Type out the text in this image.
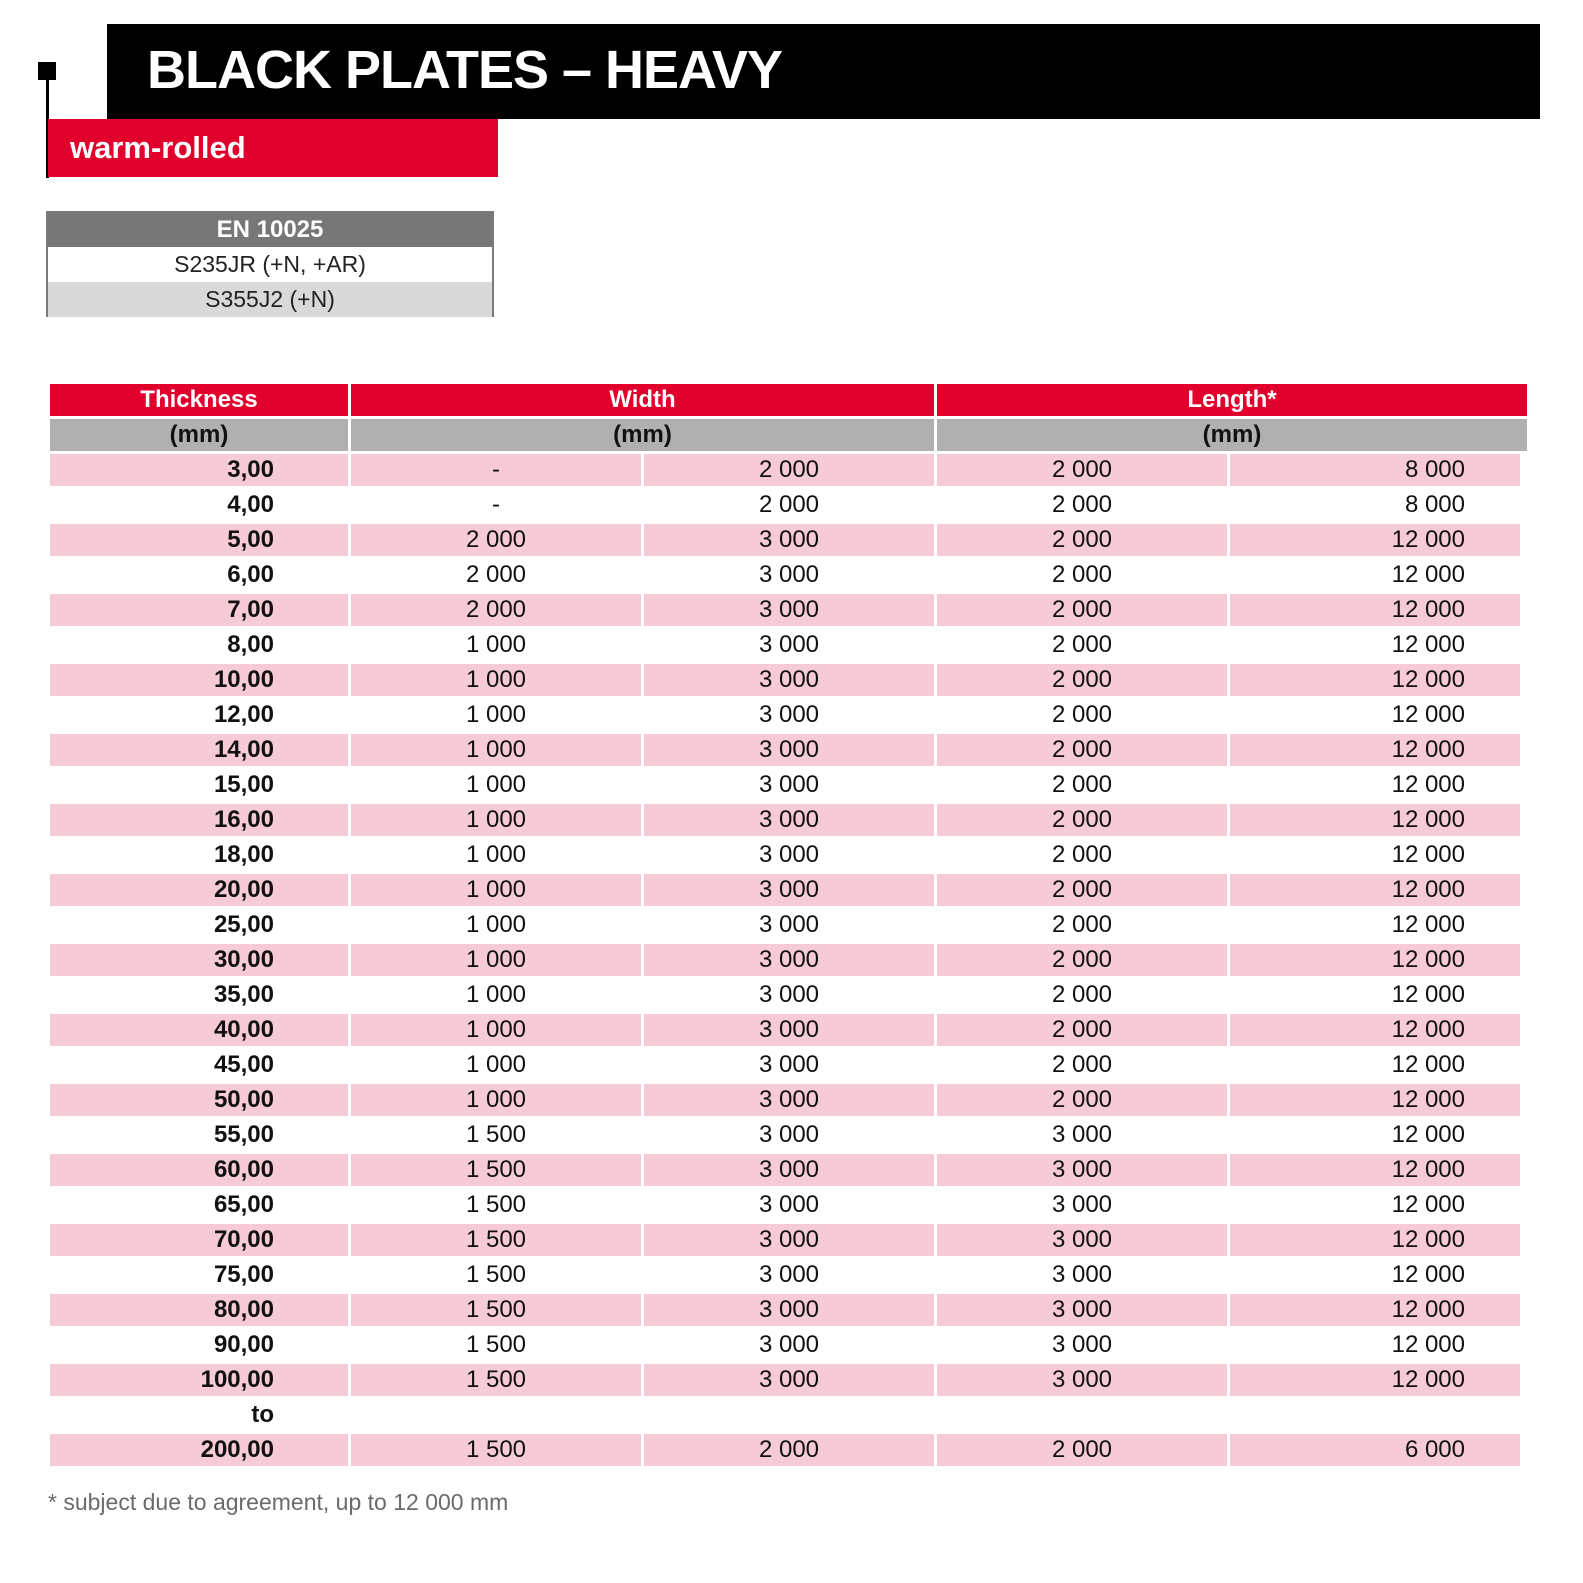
BLACK PLATES – HEAVY
warm-rolled
EN 10025
S235JR (+N, +AR)
S355J2 (+N)
Thickness	Width	Length*
(mm)	(mm)	(mm)
3,00	-	2 000	2 000	8 000
4,00	-	2 000	2 000	8 000
5,00	2 000	3 000	2 000	12 000
6,00	2 000	3 000	2 000	12 000
7,00	2 000	3 000	2 000	12 000
8,00	1 000	3 000	2 000	12 000
10,00	1 000	3 000	2 000	12 000
12,00	1 000	3 000	2 000	12 000
14,00	1 000	3 000	2 000	12 000
15,00	1 000	3 000	2 000	12 000
16,00	1 000	3 000	2 000	12 000
18,00	1 000	3 000	2 000	12 000
20,00	1 000	3 000	2 000	12 000
25,00	1 000	3 000	2 000	12 000
30,00	1 000	3 000	2 000	12 000
35,00	1 000	3 000	2 000	12 000
40,00	1 000	3 000	2 000	12 000
45,00	1 000	3 000	2 000	12 000
50,00	1 000	3 000	2 000	12 000
55,00	1 500	3 000	3 000	12 000
60,00	1 500	3 000	3 000	12 000
65,00	1 500	3 000	3 000	12 000
70,00	1 500	3 000	3 000	12 000
75,00	1 500	3 000	3 000	12 000
80,00	1 500	3 000	3 000	12 000
90,00	1 500	3 000	3 000	12 000
100,00	1 500	3 000	3 000	12 000
to
200,00	1 500	2 000	2 000	6 000
* subject due to agreement, up to 12 000 mm
